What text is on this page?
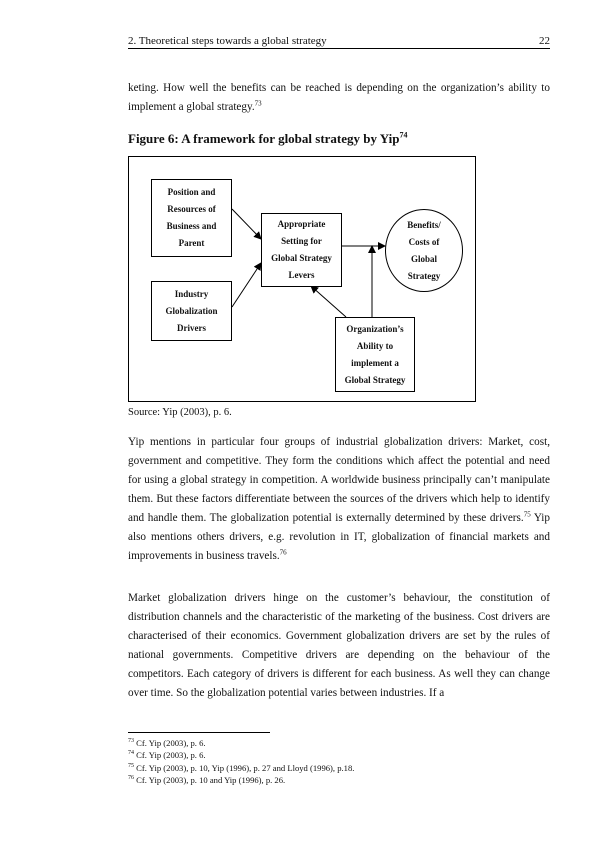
2. Theoretical steps towards a global strategy	22

keting. How well the benefits can be reached is depending on the organization’s ability to implement a global strategy.$^{73}$

Figure 6: A framework for global strategy by Yip$^{74}$
Position and
Resources of
Business and
Parent
Industry
Globalization
Drivers
Appropriate
Setting for
Global Strategy
Levers
Benefits/
Costs of
Global
Strategy
Organization’s
Ability to
implement a
Global Strategy
Source: Yip (2003), p. 6.

Yip mentions in particular four groups of industrial globalization drivers: Market, cost, government and competitive. They form the conditions which affect the potential and need for using a global strategy in competition. A worldwide business principally can’t manipulate them. But these factors differentiate between the sources of the drivers which help to identify and handle them. The globalization potential is externally determined by these drivers.$^{75}$ Yip also mentions others drivers, e.g. revolution in IT, globalization of financial markets and improvements in business travels.$^{76}$

Market globalization drivers hinge on the customer’s behaviour, the constitution of distribution channels and the characteristic of the marketing of the business. Cost drivers are characterised of their economics. Government globalization drivers are set by the rules of national governments. Competitive drivers are depending on the behaviour of the competitors. Each category of drivers is different for each business. As well they can change over time. So the globalization potential varies between industries. If a

$^{73}$ Cf. Yip (2003), p. 6.
$^{74}$ Cf. Yip (2003), p. 6.
$^{75}$ Cf. Yip (2003), p. 10, Yip (1996), p. 27 and Lloyd (1996), p.18.
$^{76}$ Cf. Yip (2003), p. 10 and Yip (1996), p. 26.
